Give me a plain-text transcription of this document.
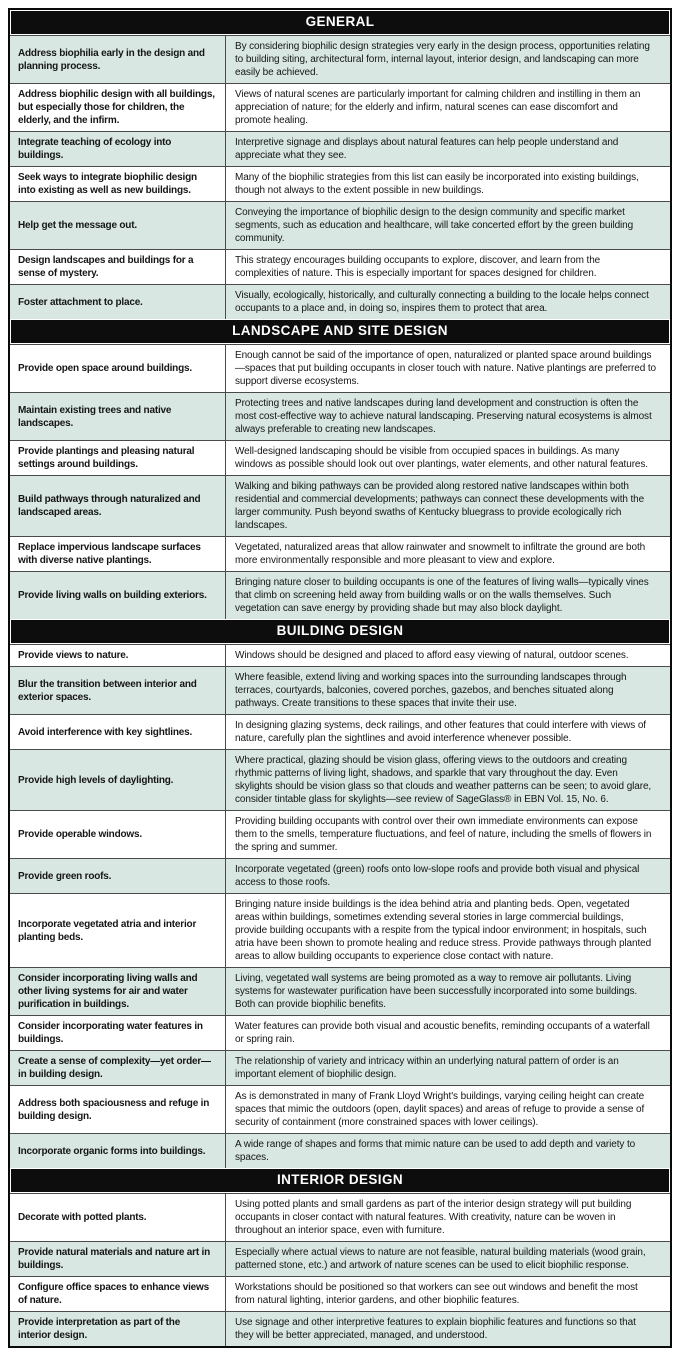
GENERAL
Address biophilia early in the design and planning process.
By considering biophilic design strategies very early in the design process, opportunities relating to building siting, architectural form, internal layout, interior design, and landscaping can more easily be achieved.
Address biophilic design with all buildings, but especially those for children, the elderly, and the infirm.
Views of natural scenes are particularly important for calming children and instilling in them an appreciation of nature; for the elderly and infirm, natural scenes can ease discomfort and promote healing.
Integrate teaching of ecology into buildings.
Interpretive signage and displays about natural features can help people understand and appreciate what they see.
Seek ways to integrate biophilic design into existing as well as new buildings.
Many of the biophilic strategies from this list can easily be incorporated into existing buildings, though not always to the extent possible in new buildings.
Help get the message out.
Conveying the importance of biophilic design to the design community and specific market segments, such as education and healthcare, will take concerted effort by the green building community.
Design landscapes and buildings for a sense of mystery.
This strategy encourages building occupants to explore, discover, and learn from the complexities of nature. This is especially important for spaces designed for children.
Foster attachment to place.
Visually, ecologically, historically, and culturally connecting a building to the locale helps connect occupants to a place and, in doing so, inspires them to protect that area.
LANDSCAPE AND SITE DESIGN
Provide open space around buildings.
Enough cannot be said of the importance of open, naturalized or planted space around buildings—spaces that put building occupants in closer touch with nature. Native plantings are preferred to support diverse ecosystems.
Maintain existing trees and native landscapes.
Protecting trees and native landscapes during land development and construction is often the most cost-effective way to achieve natural landscaping. Preserving natural ecosystems is almost always preferable to creating new landscapes.
Provide plantings and pleasing natural settings around buildings.
Well-designed landscaping should be visible from occupied spaces in buildings. As many windows as possible should look out over plantings, water elements, and other natural features.
Build pathways through naturalized and landscaped areas.
Walking and biking pathways can be provided along restored native landscapes within both residential and commercial developments; pathways can connect these developments with the larger community. Push beyond swaths of Kentucky bluegrass to provide ecologically rich landscapes.
Replace impervious landscape surfaces with diverse native plantings.
Vegetated, naturalized areas that allow rainwater and snowmelt to infiltrate the ground are both more environmentally responsible and more pleasant to view and explore.
Provide living walls on building exteriors.
Bringing nature closer to building occupants is one of the features of living walls—typically vines that climb on screening held away from building walls or on the walls themselves. Such vegetation can save energy by providing shade but may also block daylight.
BUILDING DESIGN
Provide views to nature.	Windows should be designed and placed to afford easy viewing of natural, outdoor scenes.
Blur the transition between interior and exterior spaces.
Where feasible, extend living and working spaces into the surrounding landscapes through terraces, courtyards, balconies, covered porches, gazebos, and benches situated along pathways. Create transitions to these spaces that invite their use.
Avoid interference with key sightlines.
In designing glazing systems, deck railings, and other features that could interfere with views of nature, carefully plan the sightlines and avoid interference whenever possible.
Provide high levels of daylighting.
Where practical, glazing should be vision glass, offering views to the outdoors and creating rhythmic patterns of living light, shadows, and sparkle that vary throughout the day. Even skylights should be vision glass so that clouds and weather patterns can be seen; to avoid glare, consider tintable glass for skylights—see review of SageGlass® in EBN Vol. 15, No. 6.
Provide operable windows.
Providing building occupants with control over their own immediate environments can expose them to the smells, temperature fluctuations, and feel of nature, including the smells of flowers in the spring and summer.
Provide green roofs.
Incorporate vegetated (green) roofs onto low-slope roofs and provide both visual and physical access to those roofs.
Incorporate vegetated atria and interior planting beds.
Bringing nature inside buildings is the idea behind atria and planting beds. Open, vegetated areas within buildings, sometimes extending several stories in large commercial buildings, provide building occupants with a respite from the typical indoor environment; in hospitals, such atria have been shown to promote healing and reduce stress. Provide pathways through planted areas to allow building occupants to experience close contact with nature.
Consider incorporating living walls and other living systems for air and water purification in buildings.
Living, vegetated wall systems are being promoted as a way to remove air pollutants. Living systems for wastewater purification have been successfully incorporated into some buildings. Both can provide biophilic benefits.
Consider incorporating water features in buildings.
Water features can provide both visual and acoustic benefits, reminding occupants of a waterfall or spring rain.
Create a sense of complexity—yet order—in building design.
The relationship of variety and intricacy within an underlying natural pattern of order is an important element of biophilic design.
Address both spaciousness and refuge in building design.
As is demonstrated in many of Frank Lloyd Wright's buildings, varying ceiling height can create spaces that mimic the outdoors (open, daylit spaces) and areas of refuge to provide a sense of security of containment (more constrained spaces with lower ceilings).
Incorporate organic forms into buildings.
A wide range of shapes and forms that mimic nature can be used to add depth and variety to spaces.
INTERIOR DESIGN
Decorate with potted plants.
Using potted plants and small gardens as part of the interior design strategy will put building occupants in closer contact with natural features. With creativity, nature can be woven in throughout an interior space, even with furniture.
Provide natural materials and nature art in buildings.
Especially where actual views to nature are not feasible, natural building materials (wood grain, patterned stone, etc.) and artwork of nature scenes can be used to elicit biophilic response.
Configure office spaces to enhance views of nature.
Workstations should be positioned so that workers can see out windows and benefit the most from natural lighting, interior gardens, and other biophilic features.
Provide interpretation as part of the interior design.
Use signage and other interpretive features to explain biophilic features and functions so that they will be better appreciated, managed, and understood.
